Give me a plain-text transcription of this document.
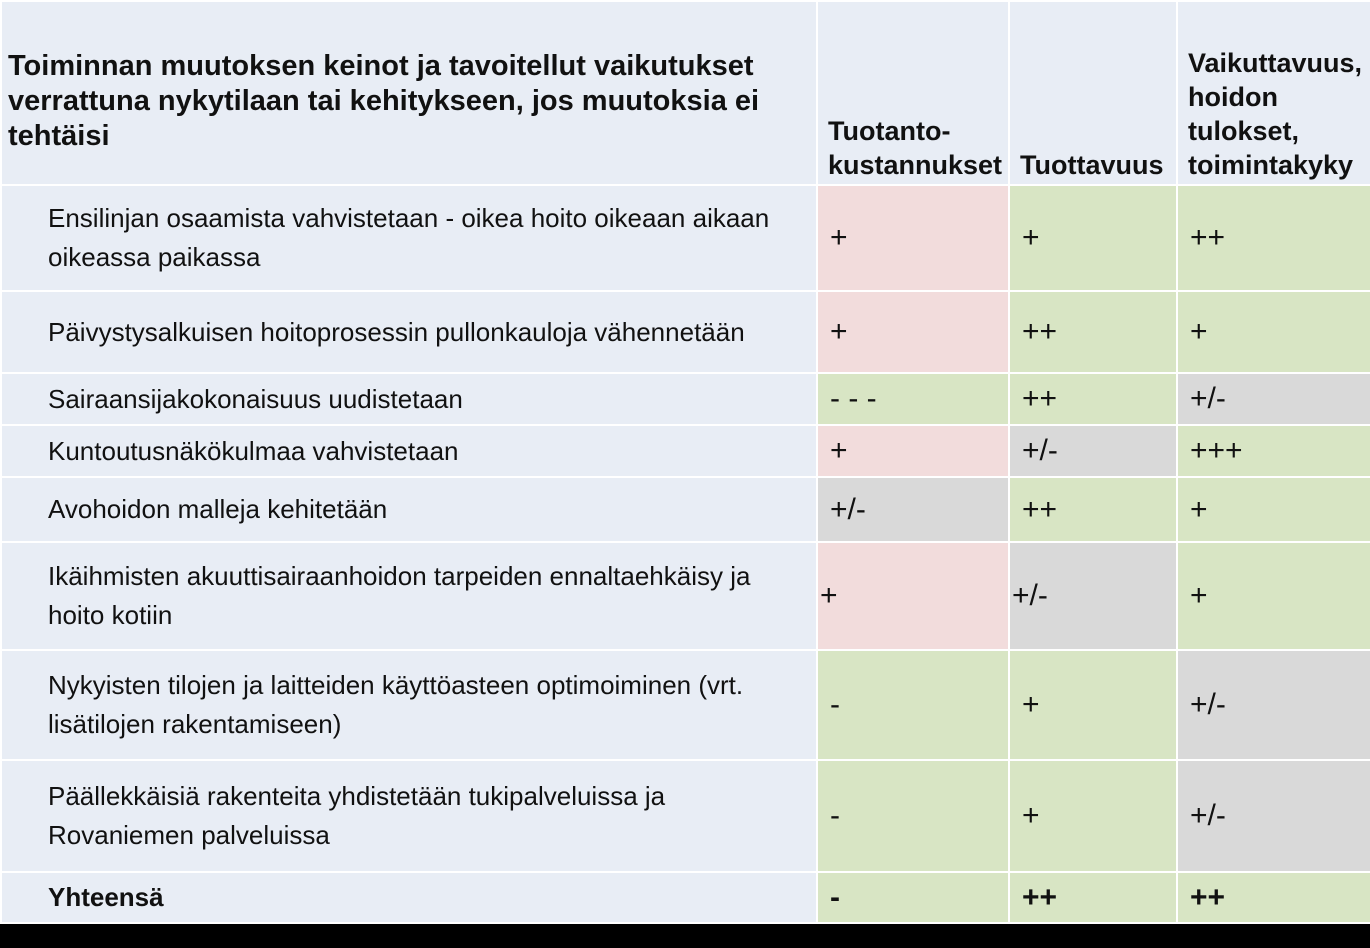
Toiminnan muutoksen keinot ja tavoitellut vaikutukset verrattuna nykytilaan tai kehitykseen, jos muutoksia ei tehtäisi	Tuotanto-kustannukset	Tuottavuus	Vaikuttavuus, hoidon tulokset, toimintakyky
Ensilinjan osaamista vahvistetaan - oikea hoito oikeaan aikaan oikeassa paikassa	+	+	++
Päivystysalkuisen hoitoprosessin pullonkauloja vähennetään	+	++	+
Sairaansijakokonaisuus uudistetaan	- - -	++	+/-
Kuntoutusnäkökulmaa vahvistetaan	+	+/-	+++
Avohoidon malleja kehitetään	+/-	++	+
Ikäihmisten akuuttisairaanhoidon tarpeiden ennaltaehkäisy ja hoito kotiin	+	+/-	+
Nykyisten tilojen ja laitteiden käyttöasteen optimoiminen (vrt. lisätilojen rakentamiseen)	-	+	+/-
Päällekkäisiä rakenteita yhdistetään tukipalveluissa ja Rovaniemen palveluissa	-	+	+/-
Yhteensä	-	++	++
